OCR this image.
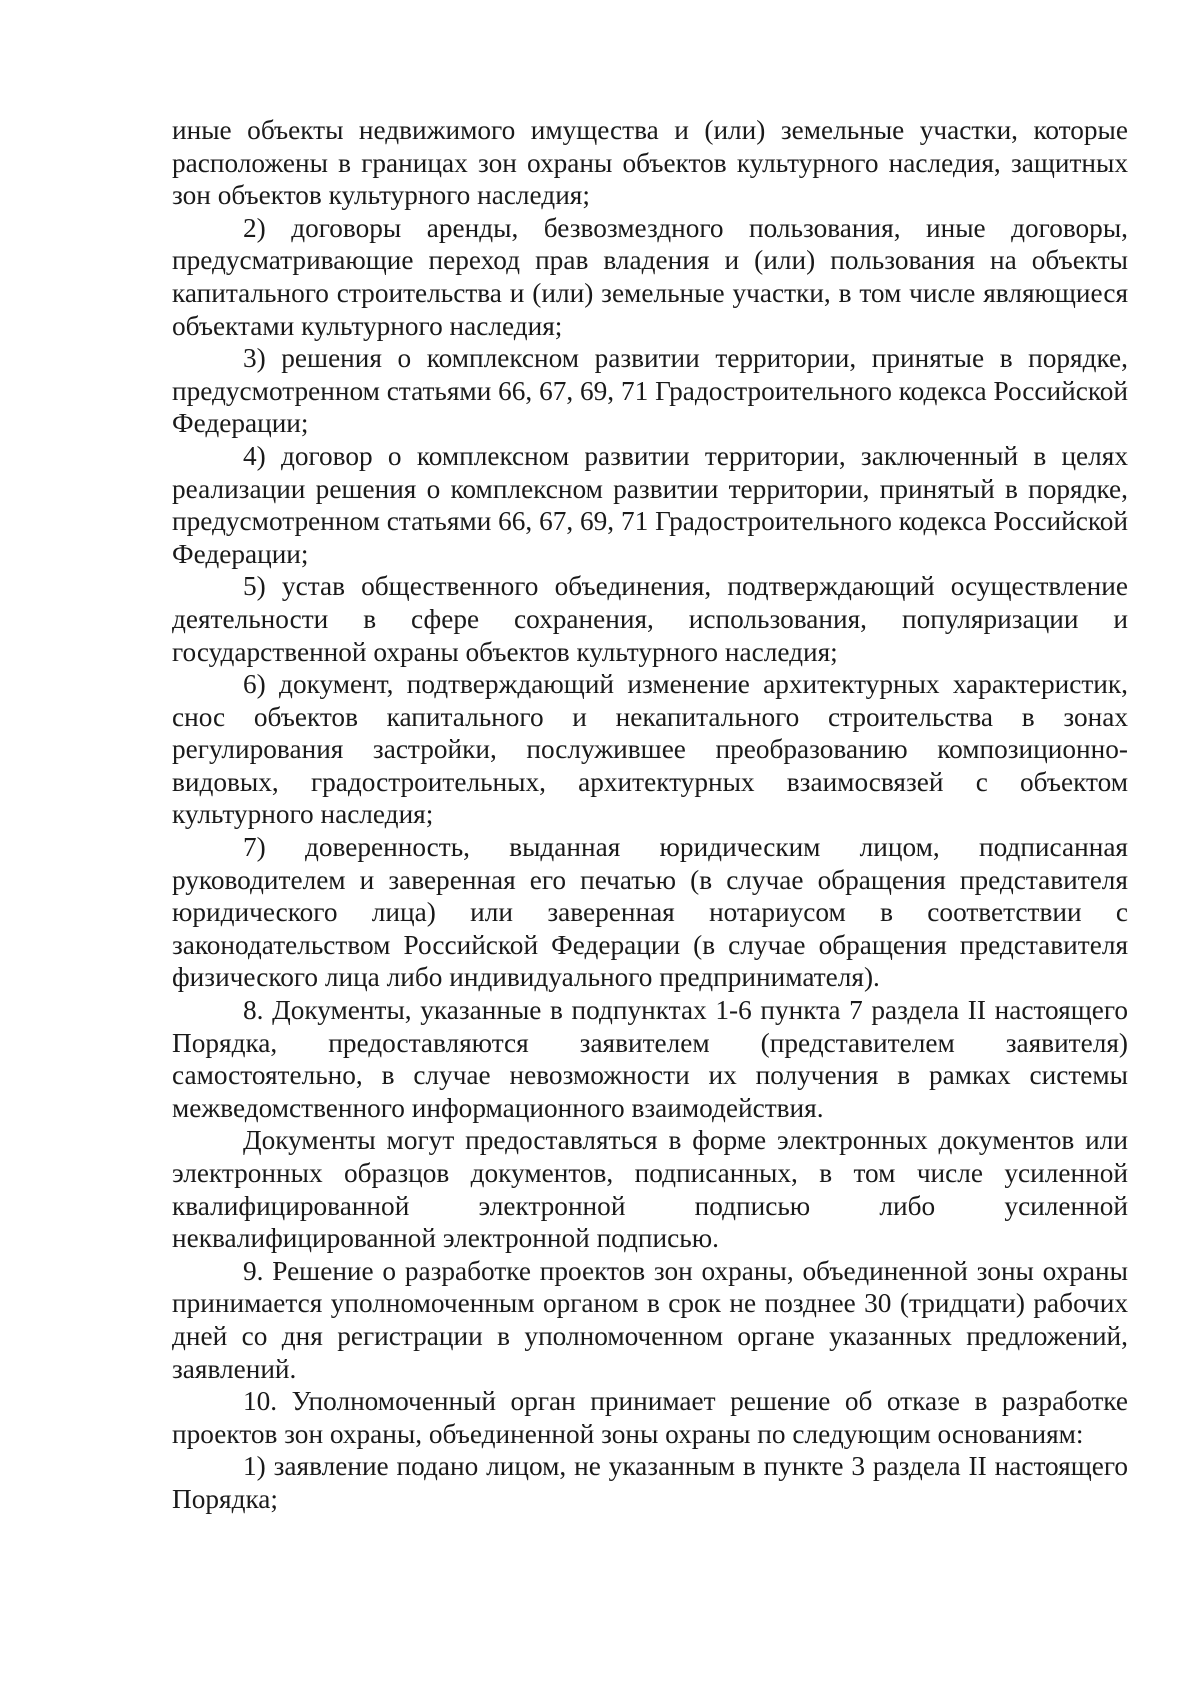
иные объекты недвижимого имущества и (или) земельные участки, которые расположены в границах зон охраны объектов культурного наследия, защитных зон объектов культурного наследия;

2) договоры аренды, безвозмездного пользования, иные договоры, предусматривающие переход прав владения и (или) пользования на объекты капитального строительства и (или) земельные участки, в том числе являющиеся объектами культурного наследия;

3) решения о комплексном развитии территории, принятые в порядке, предусмотренном статьями 66, 67, 69, 71 Градостроительного кодекса Российской Федерации;

4) договор о комплексном развитии территории, заключенный в целях реализации решения о комплексном развитии территории, принятый в порядке, предусмотренном статьями 66, 67, 69, 71 Градостроительного кодекса Российской Федерации;

5) устав общественного объединения, подтверждающий осуществление деятельности в сфере сохранения, использования, популяризации и государственной охраны объектов культурного наследия;

6) документ, подтверждающий изменение архитектурных характеристик, снос объектов капитального и некапитального строительства в зонах регулирования застройки, послужившее преобразованию композиционно-видовых, градостроительных, архитектурных взаимосвязей с объектом культурного наследия;

7) доверенность, выданная юридическим лицом, подписанная руководителем и заверенная его печатью (в случае обращения представителя юридического лица) или заверенная нотариусом в соответствии с законодательством Российской Федерации (в случае обращения представителя физического лица либо индивидуального предпринимателя).

8. Документы, указанные в подпунктах 1-6 пункта 7 раздела II настоящего Порядка, предоставляются заявителем (представителем заявителя) самостоятельно, в случае невозможности их получения в рамках системы межведомственного информационного взаимодействия.

Документы могут предоставляться в форме электронных документов или электронных образцов документов, подписанных, в том числе усиленной квалифицированной электронной подписью либо усиленной неквалифицированной электронной подписью.

9. Решение о разработке проектов зон охраны, объединенной зоны охраны принимается уполномоченным органом в срок не позднее 30 (тридцати) рабочих дней со дня регистрации в уполномоченном органе указанных предложений, заявлений.

10. Уполномоченный орган принимает решение об отказе в разработке проектов зон охраны, объединенной зоны охраны по следующим основаниям:

1) заявление подано лицом, не указанным в пункте 3 раздела II настоящего Порядка;
